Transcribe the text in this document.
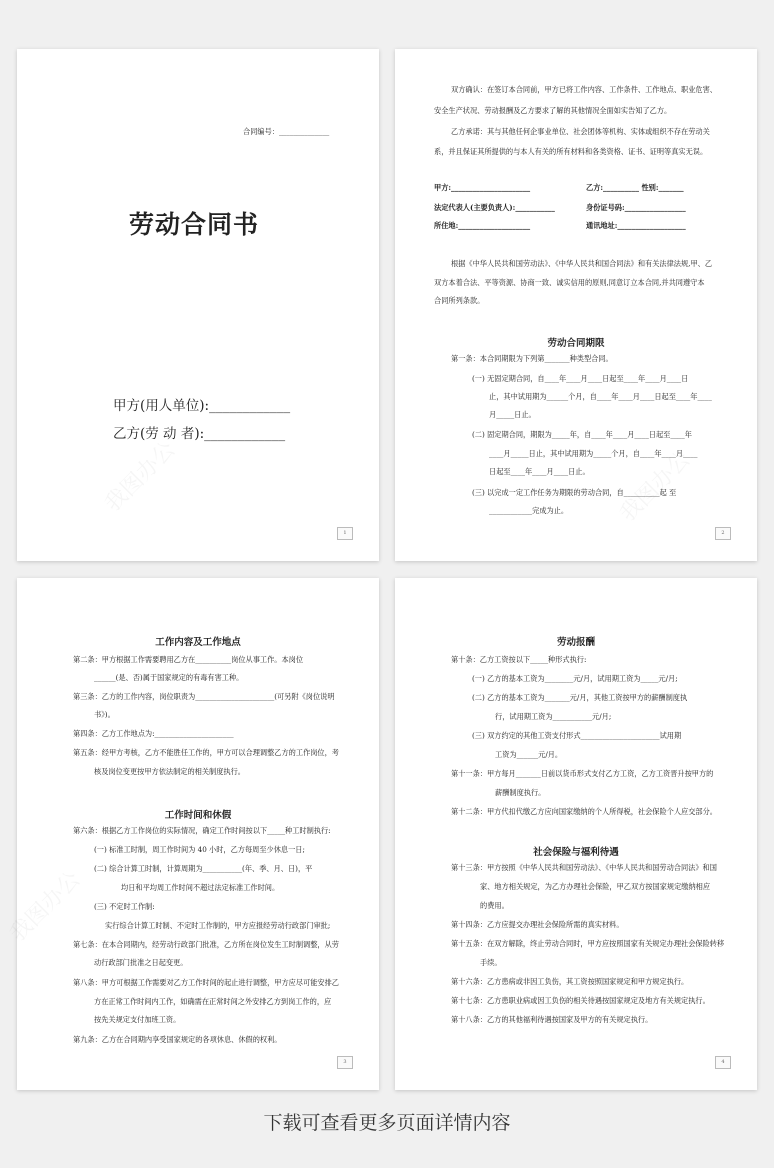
合同编号：______________
劳动合同书
甲方(用人单位):____________
乙方(劳 动 者):____________
1
双方确认：在签订本合同前，甲方已将工作内容、工作条件、工作地点、职业危害、
安全生产状况、劳动报酬及乙方要求了解的其他情况全面如实告知了乙方。
乙方承诺：其与其他任何企事业单位、社会团体等机构、实体或组织不存在劳动关
系，并且保证其所提供的与本人有关的所有材料和各类资格、证书、证明等真实无误。
甲方:______________________	乙方:__________ 性别:_______
法定代表人(主要负责人):___________	身份证号码:_________________
所住地:____________________	通讯地址:___________________
根据《中华人民共和国劳动法》、《中华人民共和国合同法》和有关法律法规,甲、乙
双方本着合法、平等资源、协商一致、诚实信用的原则,同意订立本合同,并共同遵守本
合同所列条款。
劳动合同期限
第一条：本合同期限为下列第_______种类型合同。
(一) 无固定期合同，自____年____月____日起至____年____月____日
止，其中试用期为______个月，自____年____月____日起至____年____
月_____日止。
(二) 固定期合同，期限为_____年，自____年____月____日起至____年
____月_____日止，其中试用期为_____个月，自____年____月____
日起至____年____月____日止。
(三) 以完成一定工作任务为期限的劳动合同，自__________起 至
____________完成为止。
2
工作内容及工作地点
第二条：甲方根据工作需要聘用乙方在__________岗位从事工作。本岗位
______(是、否)属于国家规定的有毒有害工种。
第三条：乙方的工作内容，岗位职责为______________________(可另附《岗位说明
书》)。
第四条：乙方工作地点为:______________________
第五条：经甲方考核，乙方不能胜任工作的，甲方可以合理调整乙方的工作岗位，考
核及岗位变更按甲方依法制定的相关制度执行。
工作时间和休假
第六条：根据乙方工作岗位的实际情况，确定工作时间按以下_____种工时制执行:
(一) 标准工时制，周工作时间为 40 小时，乙方每周至少休息一日;
(二) 综合计算工时制，计算周期为___________(年、季、月、日)，平
均日和平均周工作时间不超过法定标准工作时间。
(三) 不定时工作制:
实行综合计算工时制、不定时工作制的，甲方应报经劳动行政部门审批;
第七条：在本合同期内，经劳动行政部门批准，乙方所在岗位发生工时制调整，从劳
动行政部门批准之日起变更。
第八条：甲方可根据工作需要对乙方工作时间的起止进行调整，甲方应尽可能安排乙
方在正常工作时间内工作，如确需在正常时间之外安排乙方到岗工作的，应
按先关规定支付加班工资。
第九条：乙方在合同期内享受国家规定的各项休息、休假的权利。
3
劳动报酬
第十条：乙方工资按以下_____种形式执行:
(一) 乙方的基本工资为________元/月，试用期工资为_____元/月;
(二) 乙方的基本工资为_______元/月，其他工资按甲方的薪酬制度执
行，试用期工资为___________元/月;
(三) 双方约定的其他工资支付形式______________________试用期
工资为______元/月。
第十一条：甲方每月_______日前以货币形式支付乙方工资，乙方工资晋升按甲方的
薪酬制度执行。
第十二条：甲方代扣代缴乙方应向国家缴纳的个人所得税，社会保险个人应交部分。
社会保险与福利待遇
第十三条：甲方按照《中华人民共和国劳动法》、《中华人民共和国劳动合同法》和国
家、地方相关规定，为乙方办理社会保险，甲乙双方按国家规定缴纳相应
的费用。
第十四条：乙方应提交办理社会保险所需的真实材料。
第十五条：在双方解除，终止劳动合同时，甲方应按照国家有关规定办理社会保险转移
手续。
第十六条：乙方患病或非因工负伤，其工资按照国家规定和甲方规定执行。
第十七条：乙方患职业病或因工负伤的相关待遇按国家规定及地方有关规定执行。
第十八条：乙方的其他福利待遇按国家及甲方的有关规定执行。
4
下载可查看更多页面详情内容
